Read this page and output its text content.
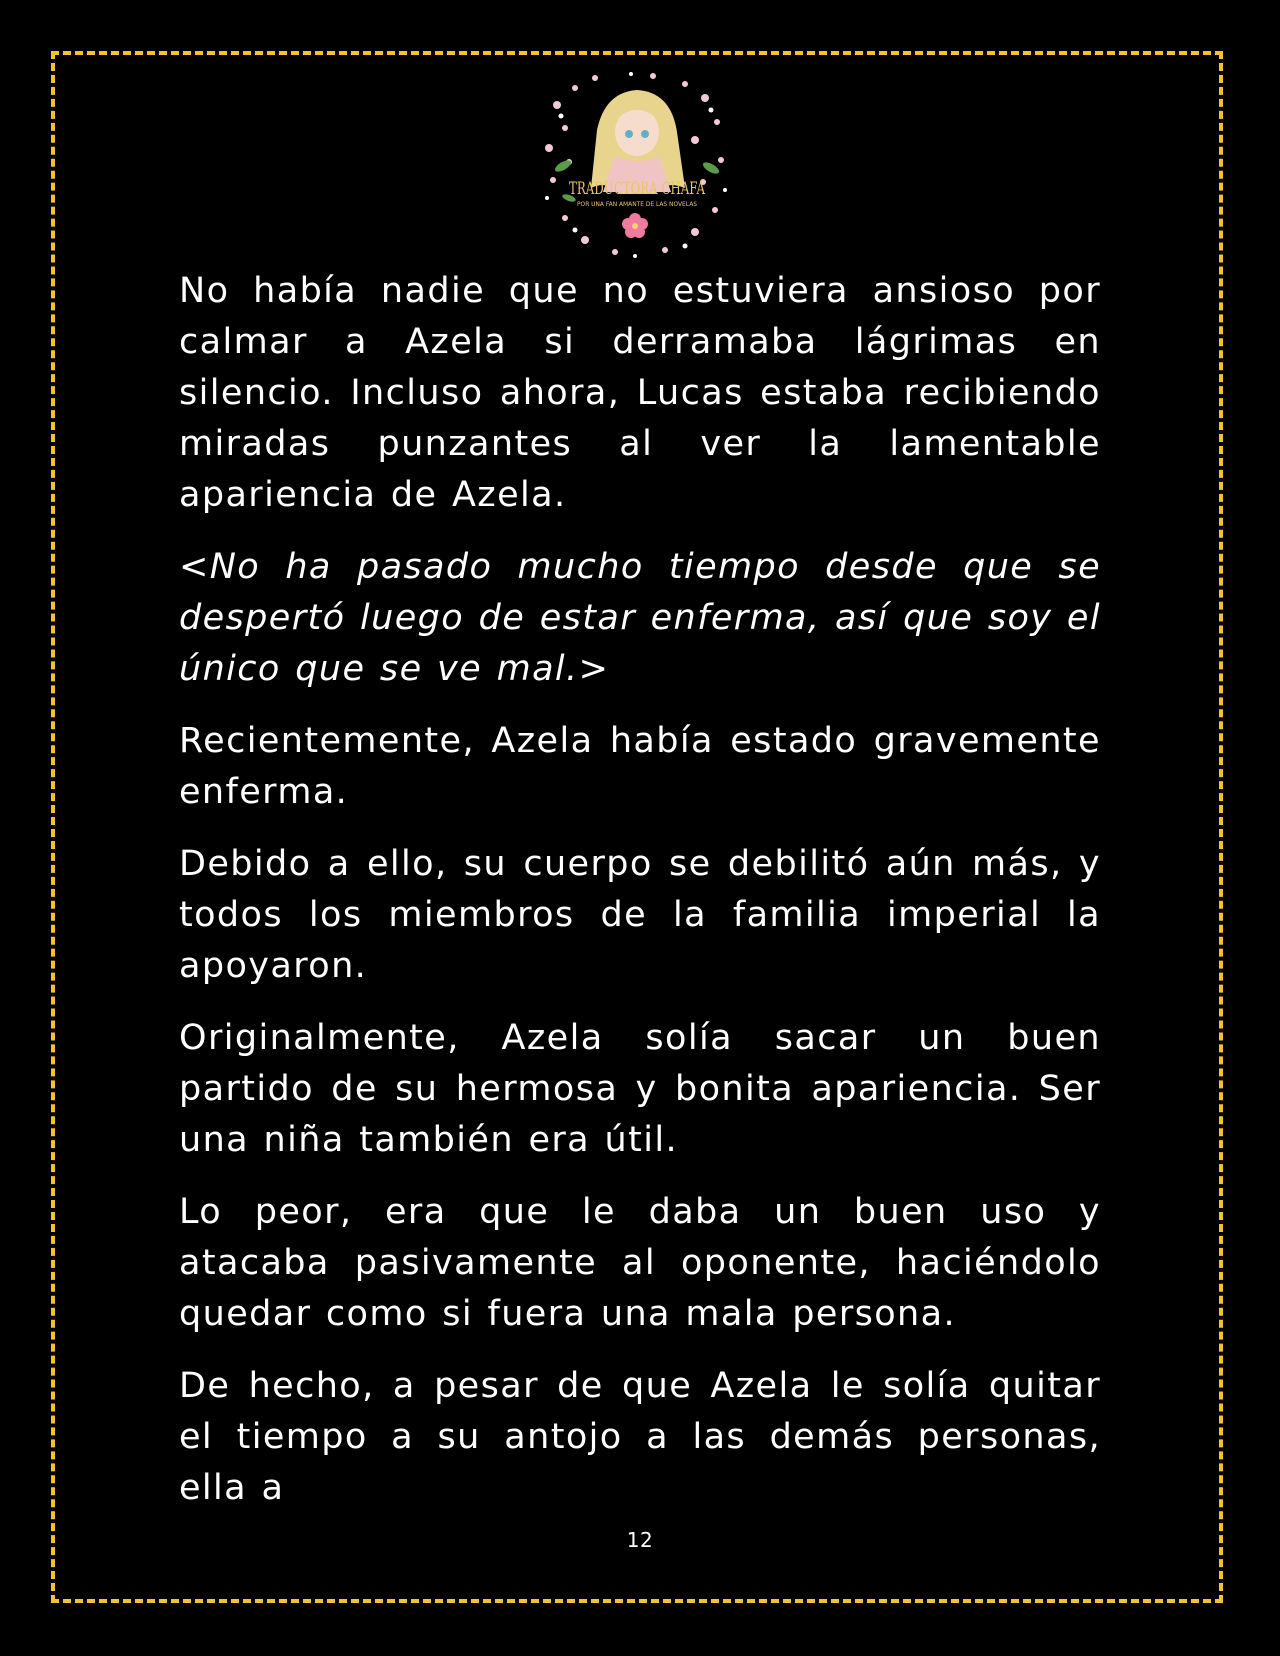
TRADUCTORA CHAFA
POR UNA FAN AMANTE DE LAS NOVELAS

No había nadie que no estuviera ansioso por calmar a Azela si derramaba lágrimas en silencio. Incluso ahora, Lucas estaba recibiendo miradas punzantes al ver la lamentable apariencia de Azela.

<No ha pasado mucho tiempo desde que se despertó luego de estar enferma, así que soy el único que se ve mal.>

Recientemente, Azela había estado gravemente enferma.

Debido a ello, su cuerpo se debilitó aún más, y todos los miembros de la familia imperial la apoyaron.

Originalmente, Azela solía sacar un buen partido de su hermosa y bonita apariencia. Ser una niña también era útil.

Lo peor, era que le daba un buen uso y atacaba pasivamente al oponente, haciéndolo quedar como si fuera una mala persona.

De hecho, a pesar de que Azela le solía quitar el tiempo a su antojo a las demás personas, ella a

12
